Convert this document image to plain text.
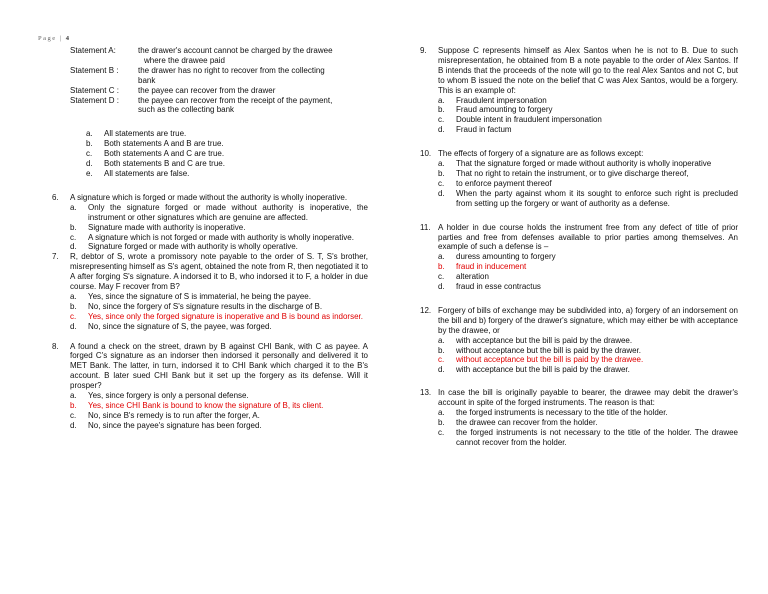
Page | 4
Statement A:	the drawer's account cannot be charged by the drawee
where the drawee paid
Statement B :	the drawer has no right to recover from the collecting
bank
Statement C :	the payee can recover from the drawer
Statement D :	the payee can recover from the receipt of the payment,
such as the collecting bank
a. All statements are true.
b. Both statements A and B are true.
c. Both statements A and C are true.
d. Both statements B and C are true.
e. All statements are false.
6. A signature which is forged or made without the authority is wholly inoperative.
a. Only the signature forged or made without authority is inoperative, the instrument or other signatures which are genuine are affected.
b. Signature made with authority is inoperative.
c. A signature which is not forged or made with authority is wholly inoperative.
d. Signature forged or made with authority is wholly operative.
7. R, debtor of S, wrote a promissory note payable to the order of S. T, S's brother, misrepresenting himself as S's agent, obtained the note from R, then negotiated it to A after forging S's signature. A indorsed it to B, who indorsed it to F, a holder in due course. May F recover from B?
a. Yes, since the signature of S is immaterial, he being the payee.
b. No, since the forgery of S's signature results in the discharge of B.
c. Yes, since only the forged signature is inoperative and B is bound as indorser.
d. No, since the signature of S, the payee, was forged.
8. A found a check on the street, drawn by B against CHI Bank, with C as payee. A forged C's signature as an indorser then indorsed it personally and delivered it to MET Bank. The latter, in turn, indorsed it to CHI Bank which charged it to the B's account. B later sued CHI Bank but it set up the forgery as its defense. Will it prosper?
a. Yes, since forgery is only a personal defense.
b. Yes, since CHI Bank is bound to know the signature of B, its client.
c. No, since B's remedy is to run after the forger, A.
d. No, since the payee's signature has been forged.
9. Suppose C represents himself as Alex Santos when he is not to B. Due to such misrepresentation, he obtained from B a note payable to the order of Alex Santos. If B intends that the proceeds of the note will go to the real Alex Santos and not C, but to whom B issued the note on the belief that C was Alex Santos, would be a forgery. This is an example of:
a. Fraudulent impersonation
b. Fraud amounting to forgery
c. Double intent in fraudulent impersonation
d. Fraud in factum
10. The effects of forgery of a signature are as follows except:
a. That the signature forged or made without authority is wholly inoperative
b. That no right to retain the instrument, or to give discharge thereof,
c. to enforce payment thereof
d. When the party against whom it its sought to enforce such right is precluded from setting up the forgery or want of authority as a defense.
11. A holder in due course holds the instrument free from any defect of title of prior parties and free from defenses available to prior parties among themselves. An example of such a defense is –
a. duress amounting to forgery
b. fraud in inducement
c. alteration
d. fraud in esse contractus
12. Forgery of bills of exchange may be subdivided into, a) forgery of an indorsement on the bill and b) forgery of the drawer's signature, which may either be with acceptance by the drawee, or
a. with acceptance but the bill is paid by the drawee.
b. without acceptance but the bill is paid by the drawer.
c. without acceptance but the bill is paid by the drawee.
d. with acceptance but the bill is paid by the drawer.
13. In case the bill is originally payable to bearer, the drawee may debit the drawer's account in spite of the forged instruments. The reason is that:
a. the forged instruments is necessary to the title of the holder.
b. the drawee can recover from the holder.
c. the forged instruments is not necessary to the title of the holder. The drawee cannot recover from the holder.
